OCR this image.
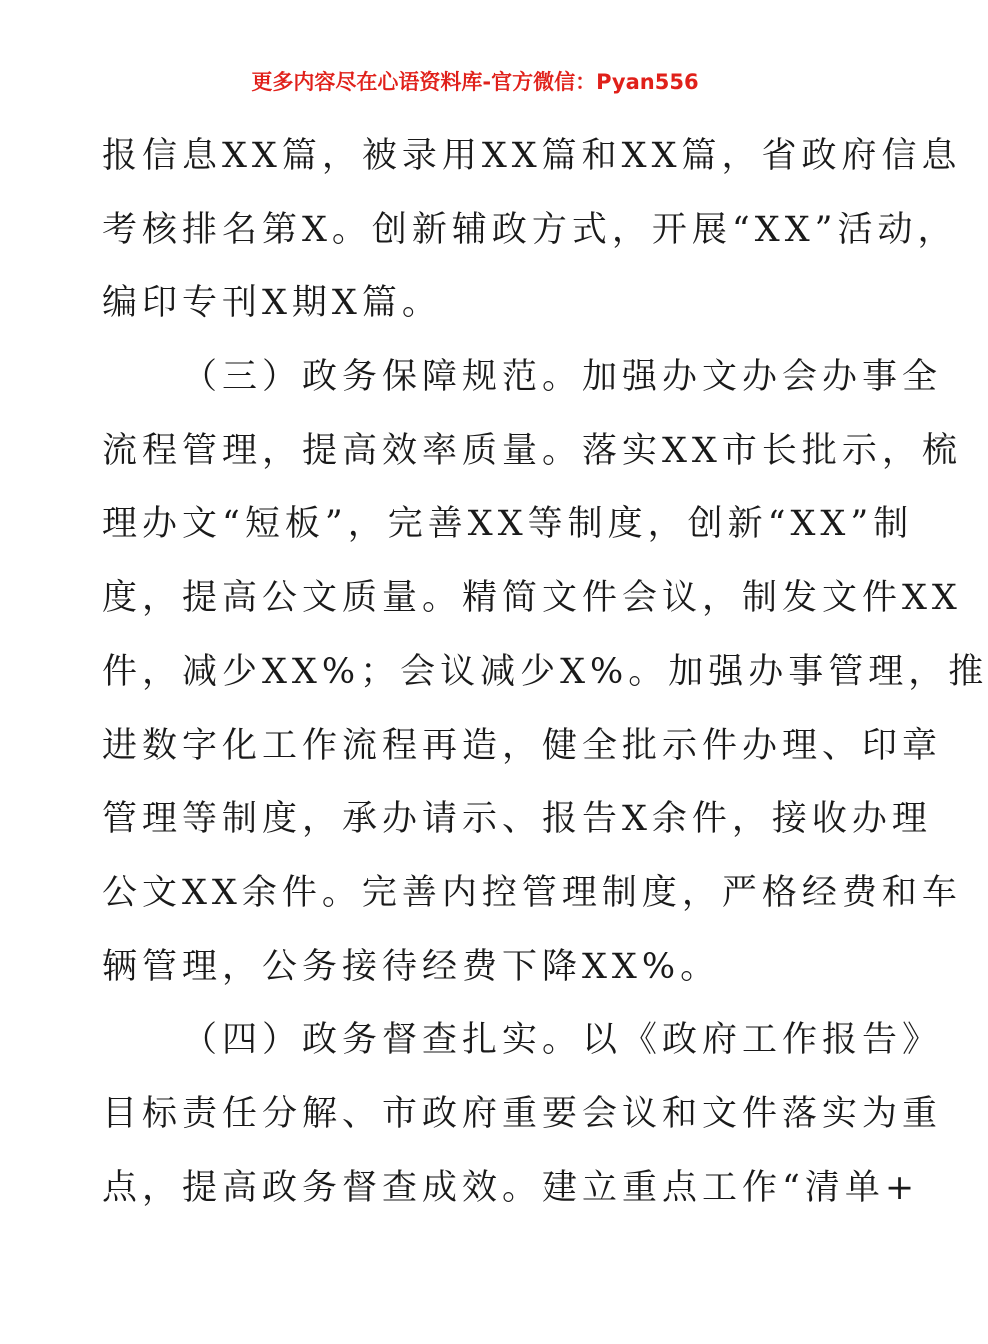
更多内容尽在心语资料库-官方微信：Pyan556
报信息XX篇，被录用XX篇和XX篇，省政府信息
考核排名第X。创新辅政方式，开展“XX”活动，
编印专刊X期X篇。
（三）政务保障规范。加强办文办会办事全
流程管理，提高效率质量。落实XX市长批示，梳
理办文“短板”，完善XX等制度，创新“XX”制
度，提高公文质量。精简文件会议，制发文件XX
件，减少XX%；会议减少X%。加强办事管理，推
进数字化工作流程再造，健全批示件办理、印章
管理等制度，承办请示、报告X余件，接收办理
公文XX余件。完善内控管理制度，严格经费和车
辆管理，公务接待经费下降XX%。
（四）政务督查扎实。以《政府工作报告》
目标责任分解、市政府重要会议和文件落实为重
点，提高政务督查成效。建立重点工作“清单+
